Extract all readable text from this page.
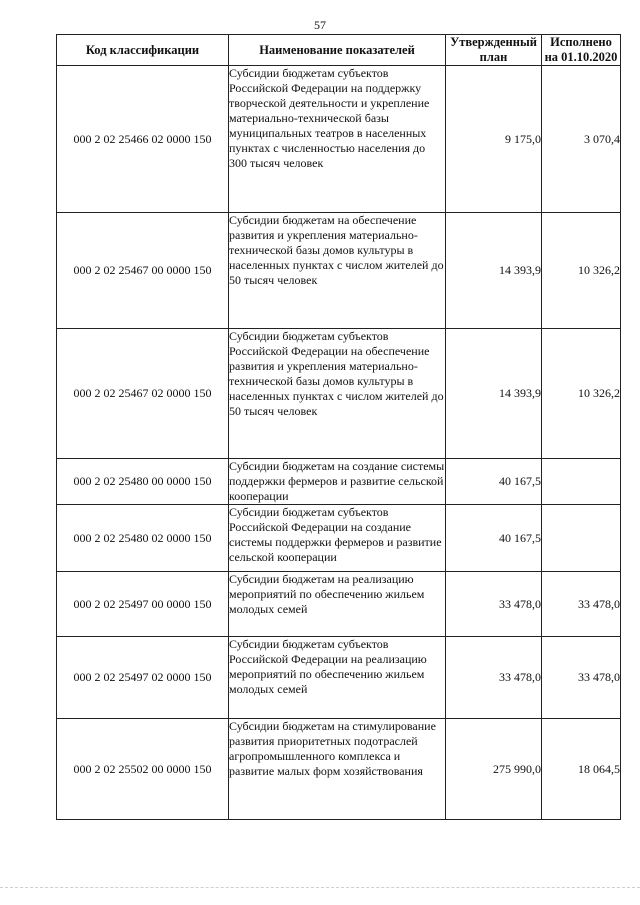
57
Код классификации	Наименование показателей	Утвержденный план	Исполнено на 01.10.2020
000 2 02 25466 02 0000 150	Субсидии бюджетам субъектов Российской Федерации на поддержку творческой деятельности и укрепление материально-технической базы муниципальных театров в населенных пунктах с численностью населения до 300 тысяч человек	9 175,0	3 070,4
000 2 02 25467 00 0000 150	Субсидии бюджетам на обеспечение развития и укрепления материально-технической базы домов культуры в населенных пунктах с числом жителей до 50 тысяч человек	14 393,9	10 326,2
000 2 02 25467 02 0000 150	Субсидии бюджетам субъектов Российской Федерации на обеспечение развития и укрепления материально-технической базы домов культуры в населенных пунктах с числом жителей до 50 тысяч человек	14 393,9	10 326,2
000 2 02 25480 00 0000 150	Субсидии бюджетам на создание системы поддержки фермеров и развитие сельской кооперации	40 167,5	
000 2 02 25480 02 0000 150	Субсидии бюджетам субъектов Российской Федерации на создание системы поддержки фермеров и развитие сельской кооперации	40 167,5	
000 2 02 25497 00 0000 150	Субсидии бюджетам на реализацию мероприятий по обеспечению жильем молодых семей	33 478,0	33 478,0
000 2 02 25497 02 0000 150	Субсидии бюджетам субъектов Российской Федерации на реализацию мероприятий по обеспечению жильем молодых семей	33 478,0	33 478,0
000 2 02 25502 00 0000 150	Субсидии бюджетам на стимулирование развития приоритетных подотраслей агропромышленного комплекса и развитие малых форм хозяйствования	275 990,0	18 064,5
